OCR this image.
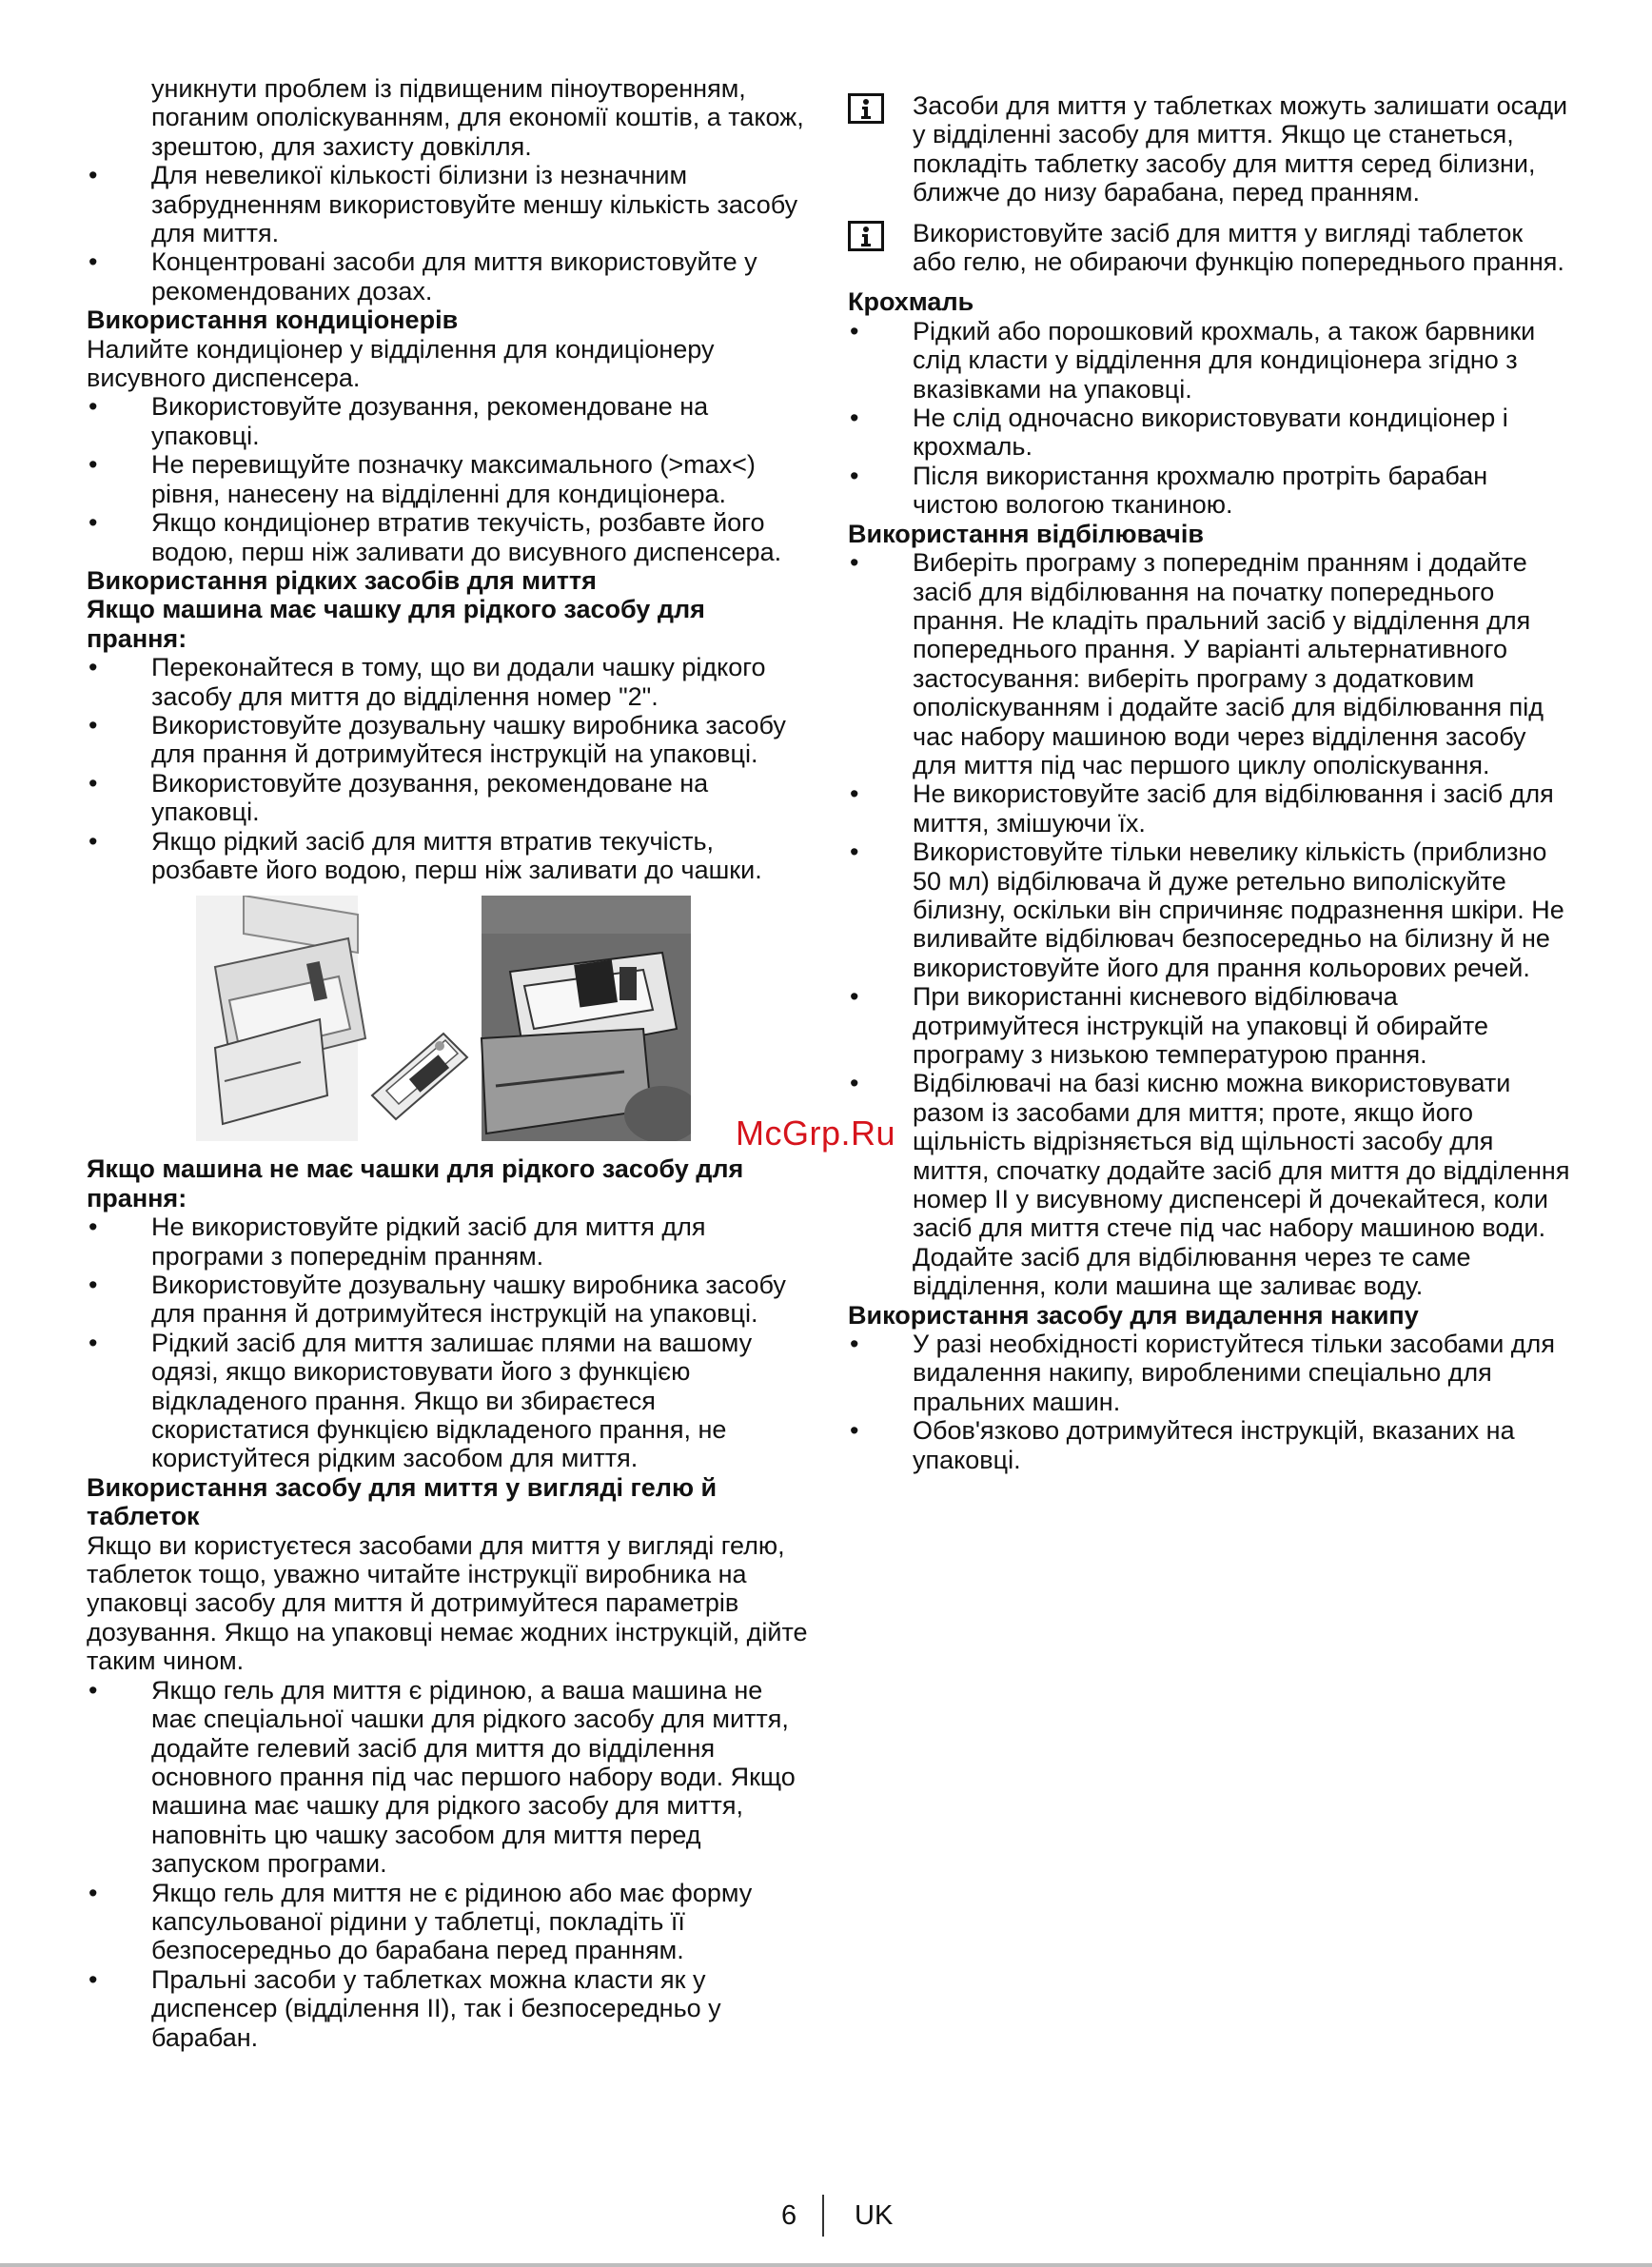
уникнути проблем із підвищеним піноутворенням, поганим ополіскуванням, для економії коштів, а також, зрештою, для захисту довкілля.

• Для невеликої кількості білизни із незначним забрудненням використовуйте меншу кількість засобу для миття.
• Концентровані засоби для миття використовуйте у рекомендованих дозах.

Використання кондиціонерів

Налийте кондиціонер у відділення для кондиціонеру висувного диспенсера.

• Використовуйте дозування, рекомендоване на упаковці.
• Не перевищуйте позначку максимального (>max<) рівня, нанесену на відділенні для кондиціонера.
• Якщо кондиціонер втратив текучість, розбавте його водою, перш ніж заливати до висувного диспенсера.

Використання рідких засобів для миття

Якщо машина має чашку для рідкого засобу для прання:

• Переконайтеся в тому, що ви додали чашку рідкого засобу для миття до відділення номер "2".
• Використовуйте дозувальну чашку виробника засобу для прання й дотримуйтеся інструкцій на упаковці.
• Використовуйте дозування, рекомендоване на упаковці.
• Якщо рідкий засіб для миття втратив текучість, розбавте його водою, перш ніж заливати до чашки.

Якщо машина не має чашки для рідкого засобу для прання:

• Не використовуйте рідкий засіб для миття для програми з попереднім пранням.
• Використовуйте дозувальну чашку виробника засобу для прання й дотримуйтеся інструкцій на упаковці.
• Рідкий засіб для миття залишає плями на вашому одязі, якщо використовувати його з функцією відкладеного прання. Якщо ви збираєтеся скористатися функцією відкладеного прання, не користуйтеся рідким засобом для миття.

Використання засобу для миття у вигляді гелю й таблеток

Якщо ви користуєтеся засобами для миття у вигляді гелю, таблеток тощо, уважно читайте інструкції виробника на упаковці засобу для миття й дотримуйтеся параметрів дозування. Якщо на упаковці немає жодних інструкцій, дійте таким чином.

• Якщо гель для миття є рідиною, а ваша машина не має спеціальної чашки для рідкого засобу для миття, додайте гелевий засіб для миття до відділення основного прання під час першого набору води. Якщо машина має чашку для рідкого засобу для миття, наповніть цю чашку засобом для миття перед запуском програми.
• Якщо гель для миття не є рідиною або має форму капсульованої рідини у таблетці, покладіть її безпосередньо до барабана перед пранням.
• Пральні засоби у таблетках можна класти як у диспенсер (відділення II), так і безпосередньо у барабан.

Засоби для миття у таблетках можуть залишати осади у відділенні засобу для миття. Якщо це станеться, покладіть таблетку засобу для миття серед білизни, ближче до низу барабана, перед пранням.

Використовуйте засіб для миття у вигляді таблеток або гелю, не обираючи функцію попереднього прання.

Крохмаль

• Рідкий або порошковий крохмаль, а також барвники слід класти у відділення для кондиціонера згідно з вказівками на упаковці.
• Не слід одночасно використовувати кондиціонер і крохмаль.
• Після використання крохмалю протріть барабан чистою вологою тканиною.

Використання відбілювачів

• Виберіть програму з попереднім пранням і додайте засіб для відбілювання на початку попереднього прання. Не кладіть пральний засіб у відділення для попереднього прання. У варіанті альтернативного застосування: виберіть програму з додатковим ополіскуванням і додайте засіб для відбілювання під час набору машиною води через відділення засобу для миття під час першого циклу ополіскування.
• Не використовуйте засіб для відбілювання і засіб для миття, змішуючи їх.
• Використовуйте тільки невелику кількість (приблизно 50 мл) відбілювача й дуже ретельно виполіскуйте білизну, оскільки він спричиняє подразнення шкіри. Не виливайте відбілювач безпосередньо на білизну й не використовуйте його для прання кольорових речей.
• При використанні кисневого відбілювача дотримуйтеся інструкцій на упаковці й обирайте програму з низькою температурою прання.
• Відбілювачі на базі кисню можна використовувати разом із засобами для миття; проте, якщо його щільність відрізняється від щільності засобу для миття, спочатку додайте засіб для миття до відділення номер II у висувному диспенсері й дочекайтеся, коли засіб для миття стече під час набору машиною води. Додайте засіб для відбілювання через те саме відділення, коли машина ще заливає воду.

Використання засобу для видалення накипу

• У разі необхідності користуйтеся тільки засобами для видалення накипу, виробленими спеціально для пральних машин.
• Обов'язково дотримуйтеся інструкцій, вказаних на упаковці.
McGrp.Ru
6 UK
